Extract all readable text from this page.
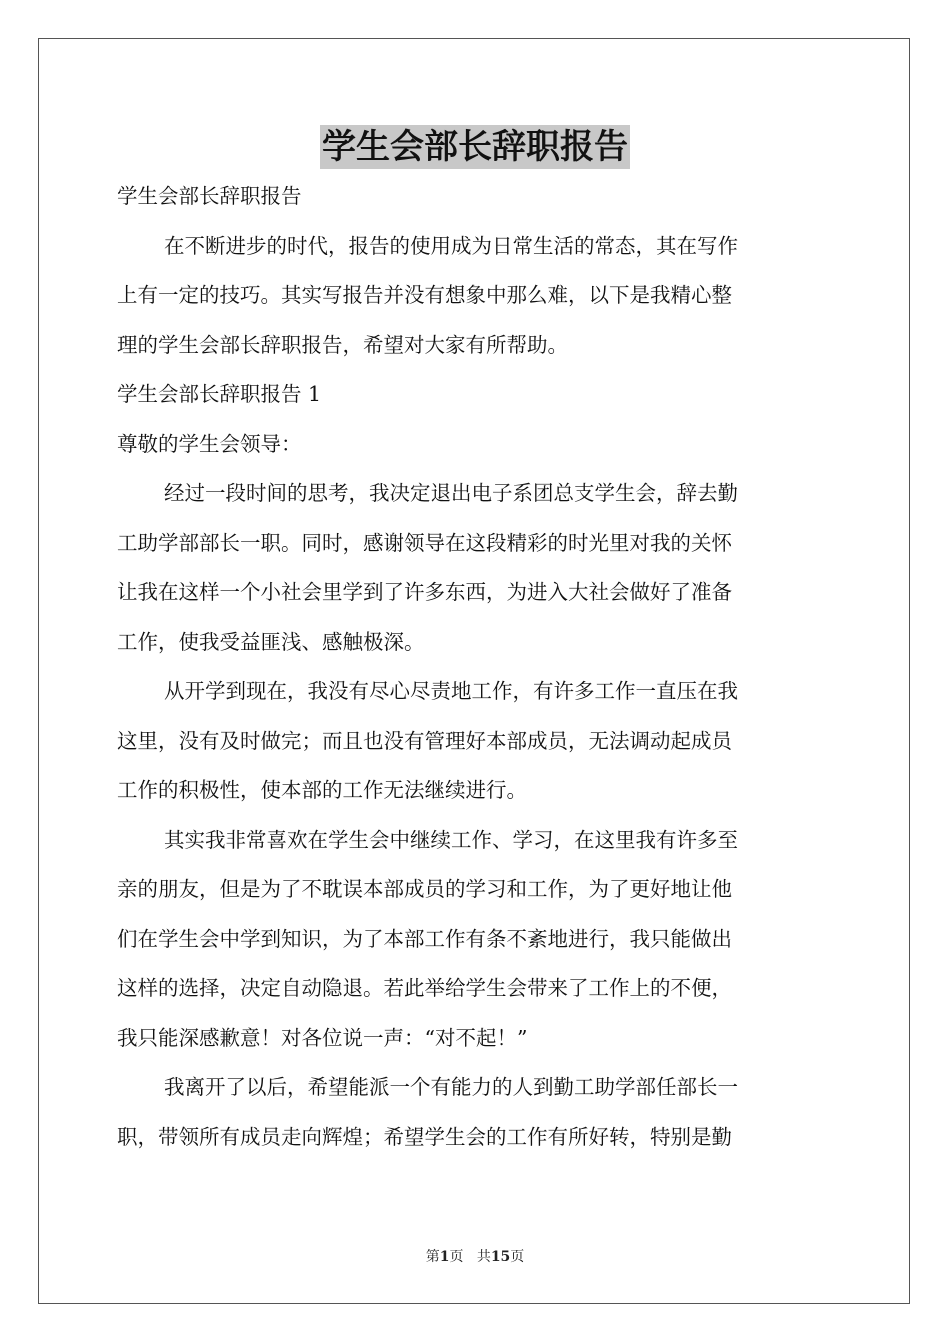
学生会部长辞职报告
学生会部长辞职报告
在不断进步的时代，报告的使用成为日常生活的常态，其在写作
上有一定的技巧。其实写报告并没有想象中那么难，以下是我精心整
理的学生会部长辞职报告，希望对大家有所帮助。
学生会部长辞职报告 1
尊敬的学生会领导：
经过一段时间的思考，我决定退出电子系团总支学生会，辞去勤
工助学部部长一职。同时，感谢领导在这段精彩的时光里对我的关怀
让我在这样一个小社会里学到了许多东西，为进入大社会做好了准备
工作，使我受益匪浅、感触极深。
从开学到现在，我没有尽心尽责地工作，有许多工作一直压在我
这里，没有及时做完；而且也没有管理好本部成员，无法调动起成员
工作的积极性，使本部的工作无法继续进行。
其实我非常喜欢在学生会中继续工作、学习，在这里我有许多至
亲的朋友，但是为了不耽误本部成员的学习和工作，为了更好地让他
们在学生会中学到知识，为了本部工作有条不紊地进行，我只能做出
这样的选择，决定自动隐退。若此举给学生会带来了工作上的不便，
我只能深感歉意！对各位说一声：“对不起！”
我离开了以后，希望能派一个有能力的人到勤工助学部任部长一
职，带领所有成员走向辉煌；希望学生会的工作有所好转，特别是勤
第1页 共15页
